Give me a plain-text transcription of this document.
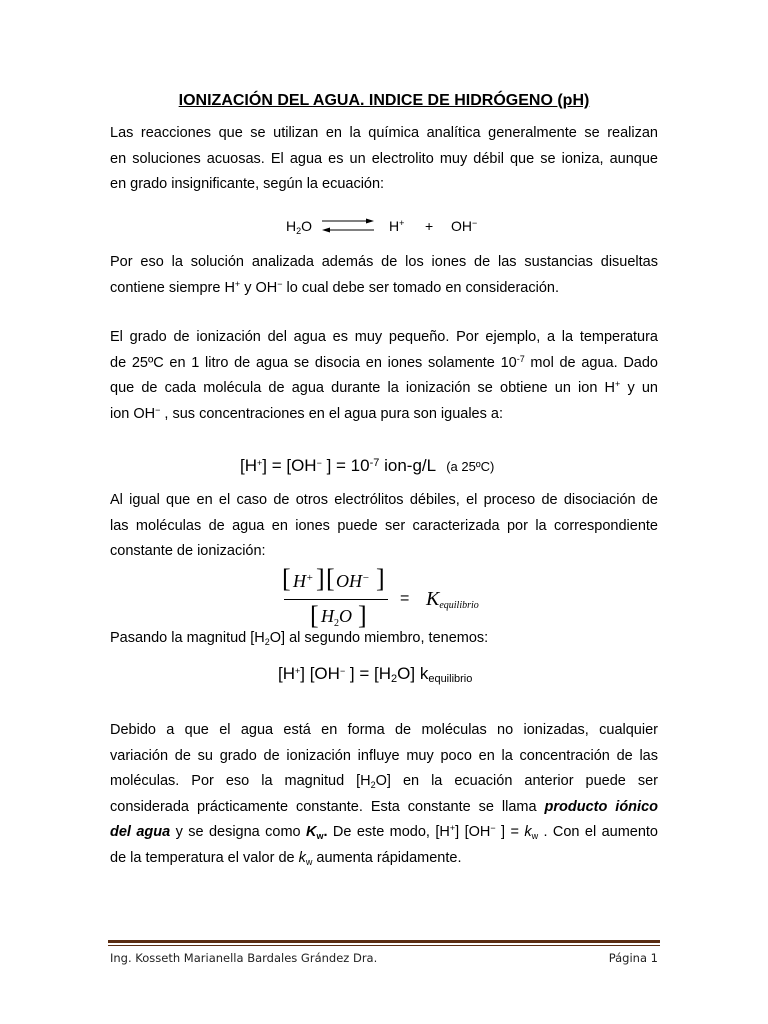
IONIZACIÓN DEL AGUA. INDICE DE HIDRÓGENO (pH)
Las reacciones que se utilizan en la química analítica generalmente se realizan
en soluciones acuosas. El agua es un electrolito muy débil que se ioniza, aunque
en grado insignificante, según la ecuación:
$H_2O$ ⇌ H+ + OH−
Por eso la solución analizada además de los iones de las sustancias disueltas
contiene siempre H+ y OH− lo cual debe ser tomado en consideración.
El grado de ionización del agua es muy pequeño. Por ejemplo, a la temperatura
de 25ºC en 1 litro de agua se disocia en iones solamente $10^{-7}$ mol de agua. Dado
que de cada molécula de agua durante la ionización se obtiene un ion H+ y un
ion OH− , sus concentraciones en el agua pura son iguales a:
[H+] = [OH− ] = $10^{-7}$ ion-g/L (a 25ºC)
Al igual que en el caso de otros electrólitos débiles, el proceso de disociación de
las moléculas de agua en iones puede ser caracterizada por la correspondiente
constante de ionización:
[ H+ ] [ OH− ]
[ $H_2O$ ]
= $K_{equilibrio}$
Pasando la magnitud $[H_2O]$ al segundo miembro, tenemos:
[H+] [OH− ] = $[H_2O]$ $k_{equilibrio}$
Debido a que el agua está en forma de moléculas no ionizadas, cualquier
variación de su grado de ionización influye muy poco en la concentración de las
moléculas. Por eso la magnitud $[H_2O]$ en la ecuación anterior puede ser
considerada prácticamente constante. Esta constante se llama producto iónico
del agua y se designa como $K_w$. De este modo, [H+] [OH− ] = $k_w$ . Con el aumento
de la temperatura el valor de $k_w$ aumenta rápidamente.
Ing. Kosseth Marianella Bardales Grández Dra.	Página 1
